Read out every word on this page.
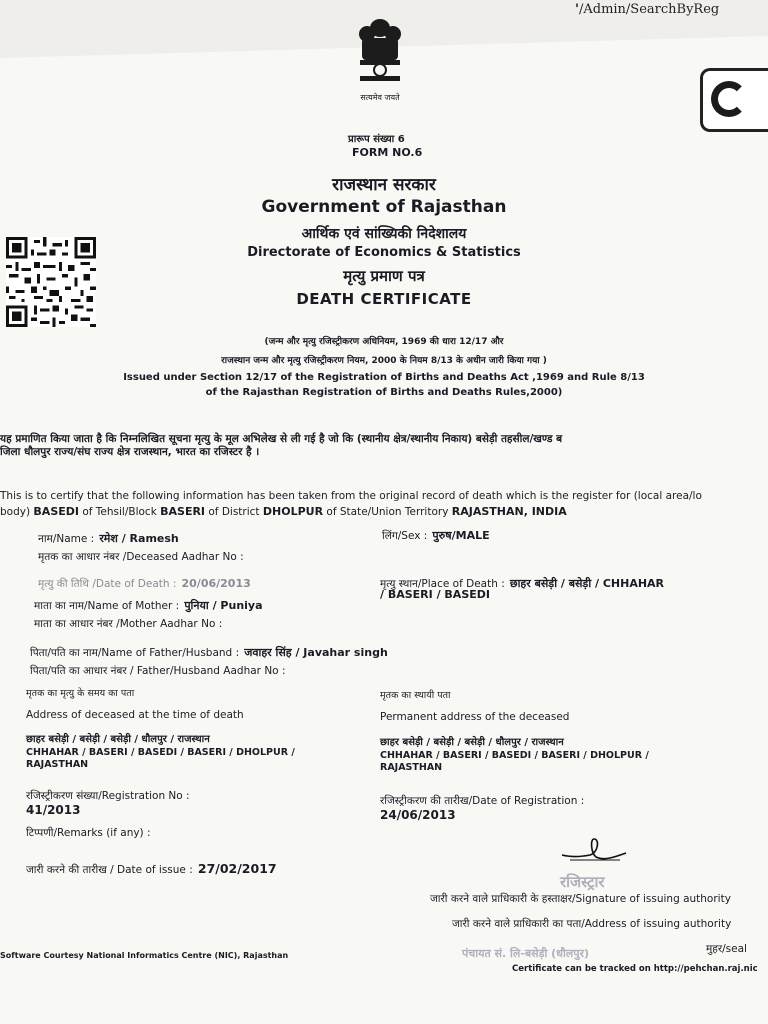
'/Admin/SearchByReg
सत्यमेव जयते
प्रारूप संख्या 6
FORM NO.6
राजस्थान सरकार
Government of Rajasthan
आर्थिक एवं सांख्यिकी निदेशालय
Directorate of Economics & Statistics
मृत्यु प्रमाण पत्र
DEATH CERTIFICATE
(जन्म और मृत्यु रजिस्ट्रीकरण अधिनियम, 1969 की धारा 12/17 और
राजस्थान जन्म और मृत्यु रजिस्ट्रीकरण नियम, 2000 के नियम 8/13 के अधीन जारी किया गया )
Issued under Section 12/17 of the Registration of Births and Deaths Act ,1969 and Rule 8/13
of the Rajasthan Registration of Births and Deaths Rules,2000)
यह प्रमाणित किया जाता है कि निम्नलिखित सूचना मृत्यु के मूल अभिलेख से ली गई है जो कि (स्थानीय क्षेत्र/स्थानीय निकाय) बसेड़ी तहसील/खण्ड ब
जिला धौलपुर राज्य/संघ राज्य क्षेत्र राजस्थान, भारत का रजिस्टर है ।
This is to certify that the following information has been taken from the original record of death which is the register for (local area/lo
body) BASEDI of Tehsil/Block BASERI of District DHOLPUR of State/Union Territory RAJASTHAN, INDIA
नाम/Name : रमेश / Ramesh	लिंग/Sex : पुरुष/MALE
मृतक का आधार नंबर /Deceased Aadhar No :
मृत्यु की तिथि /Date of Death : 20/06/2013	मृत्यु स्थान/Place of Death : छाहर बसेड़ी / बसेड़ी / CHHAHAR
/ BASERI / BASEDI
माता का नाम/Name of Mother : पुनिया / Puniya
माता का आधार नंबर /Mother Aadhar No :
पिता/पति का नाम/Name of Father/Husband : जवाहर सिंह / Javahar singh
पिता/पति का आधार नंबर / Father/Husband Aadhar No :
मृतक का मृत्यु के समय का पता
Address of deceased at the time of death
छाहर बसेड़ी / बसेड़ी / बसेड़ी / धौलपुर / राजस्थान
CHHAHAR / BASERI / BASEDI / BASERI / DHOLPUR /
RAJASTHAN
मृतक का स्थायी पता
Permanent address of the deceased
छाहर बसेड़ी / बसेड़ी / बसेड़ी / धौलपुर / राजस्थान
CHHAHAR / BASERI / BASEDI / BASERI / DHOLPUR /
RAJASTHAN
रजिस्ट्रीकरण संख्या/Registration No :
41/2013
रजिस्ट्रीकरण की तारीख/Date of Registration :
24/06/2013
टिप्पणी/Remarks (if any) :
जारी करने की तारीख / Date of issue : 27/02/2017
रजिस्ट्रार
पंचायत सं. लि-बसेड़ी (धौलपुर)
जारी करने वाले प्राधिकारी के हस्ताक्षर/Signature of issuing authority
जारी करने वाले प्राधिकारी का पता/Address of issuing authority
मुहर/seal
Software Courtesy National Informatics Centre (NIC), Rajasthan
Certificate can be tracked on http://pehchan.raj.nic
